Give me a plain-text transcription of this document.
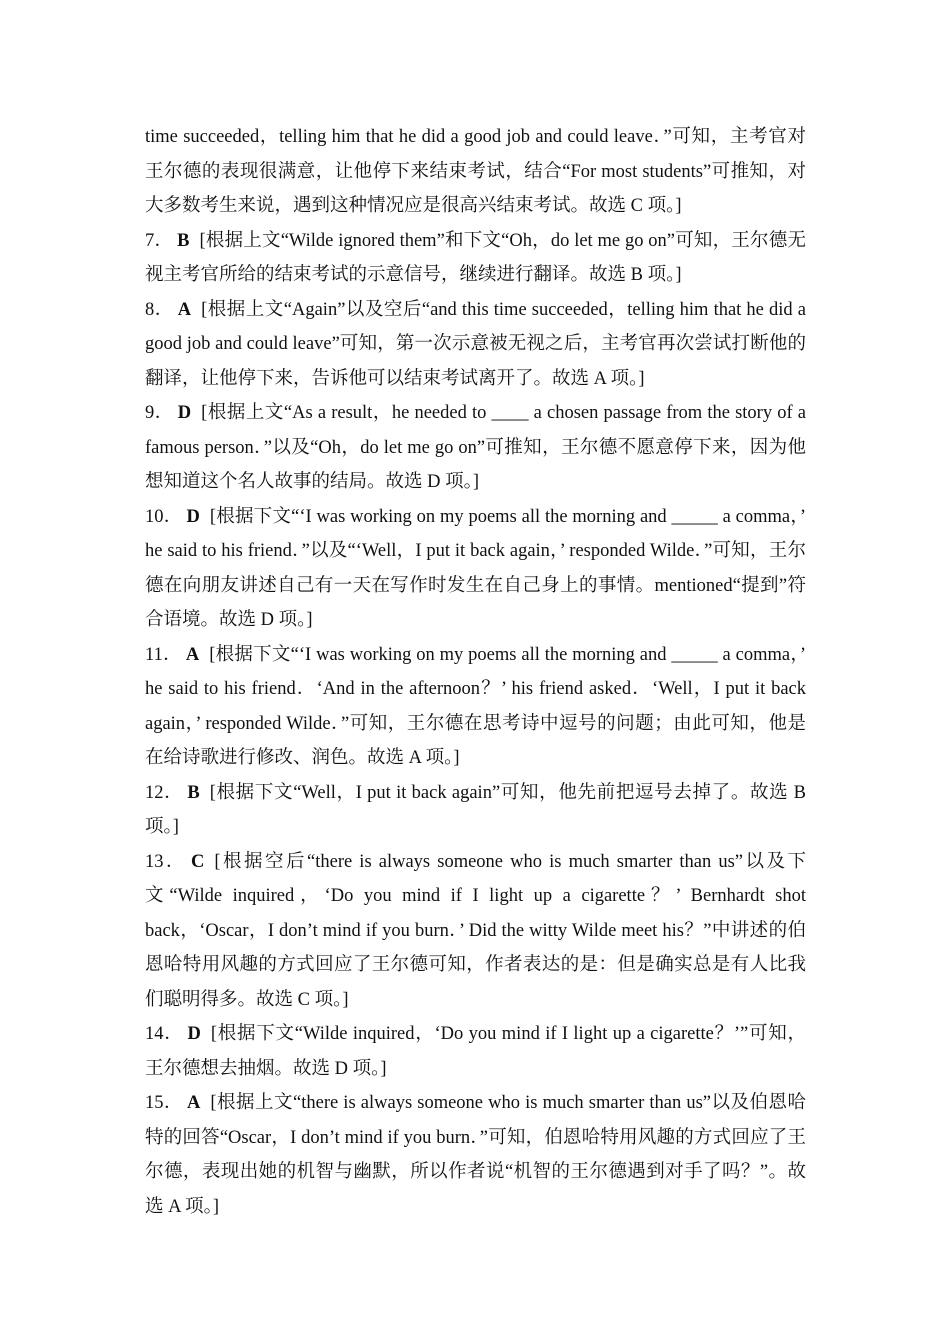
time succeeded，telling him that he did a good job and could leave．”可知，主考官对王尔德的表现很满意，让他停下来结束考试，结合“For most students”可推知，对大多数考生来说，遇到这种情况应是很高兴结束考试。故选 C 项。]

7． B [根据上文“Wilde ignored them”和下文“Oh，do let me go on”可知，王尔德无视主考官所给的结束考试的示意信号，继续进行翻译。故选 B 项。]

8． A [根据上文“Again”以及空后“and this time succeeded，telling him that he did a good job and could leave”可知，第一次示意被无视之后，主考官再次尝试打断他的翻译，让他停下来，告诉他可以结束考试离开了。故选 A 项。]

9． D [根据上文“As a result，he needed to ____ a chosen passage from the story of a famous person．”以及“Oh，do let me go on”可推知，王尔德不愿意停下来，因为他想知道这个名人故事的结局。故选 D 项。]

10． D [根据下文“‘I was working on my poems all the morning and _____ a comma，’ he said to his friend．”以及“‘Well，I put it back again，’ responded Wilde．”可知，王尔德在向朋友讲述自己有一天在写作时发生在自己身上的事情。mentioned“提到”符合语境。故选 D 项。]

11． A [根据下文“‘I was working on my poems all the morning and _____ a comma，’ he said to his friend．‘And in the afternoon？’ his friend asked．‘Well，I put it back again，’ responded Wilde．”可知，王尔德在思考诗中逗号的问题；由此可知，他是在给诗歌进行修改、润色。故选 A 项。]

12． B [根据下文“Well，I put it back again”可知，他先前把逗号去掉了。故选 B 项。]

13． C [根据空后“there is always someone who is much smarter than us”以及下文“Wilde inquired，‘Do you mind if I light up a cigarette？’ Bernhardt shot back，‘Oscar，I don’t mind if you burn．’ Did the witty Wilde meet his？”中讲述的伯恩哈特用风趣的方式回应了王尔德可知，作者表达的是：但是确实总是有人比我们聪明得多。故选 C 项。]

14． D [根据下文“Wilde inquired，‘Do you mind if I light up a cigarette？’”可知，王尔德想去抽烟。故选 D 项。]

15． A [根据上文“there is always someone who is much smarter than us”以及伯恩哈特的回答“Oscar，I don’t mind if you burn．”可知，伯恩哈特用风趣的方式回应了王尔德，表现出她的机智与幽默，所以作者说“机智的王尔德遇到对手了吗？”。故选 A 项。]
